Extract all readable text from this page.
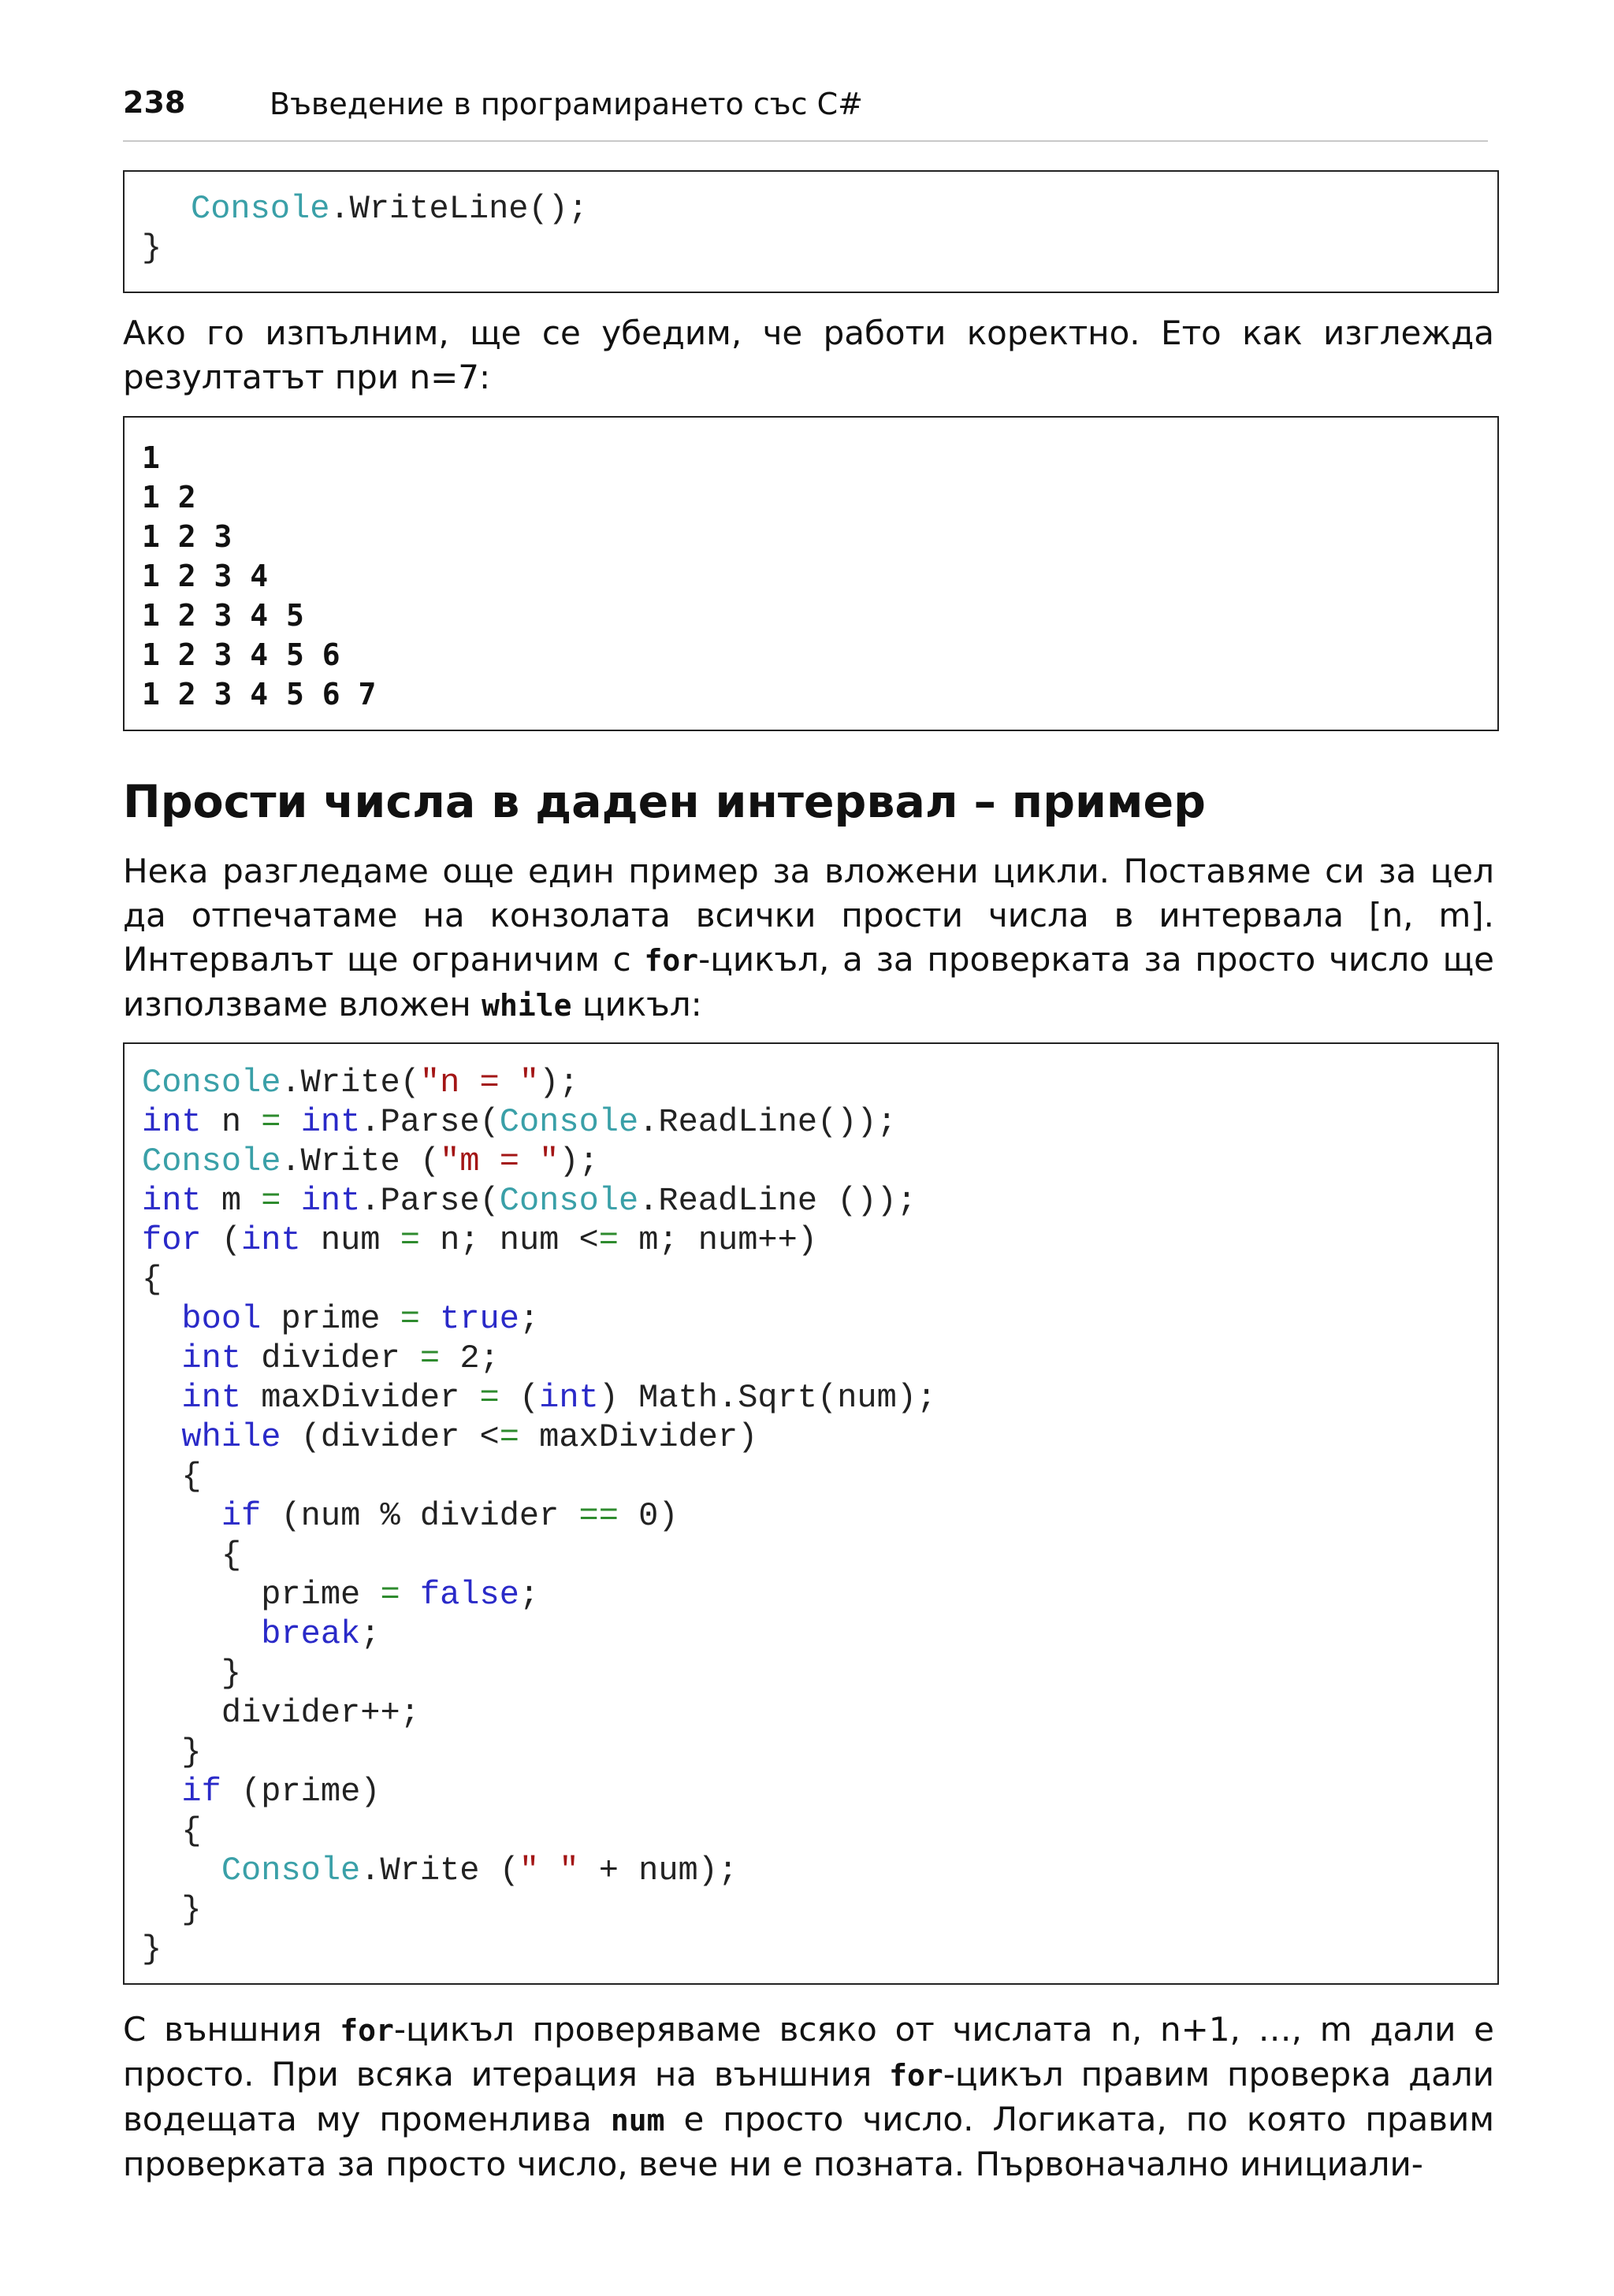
238	Въведение в програмирането със C#
Console.WriteLine();
}

Ако го изпълним, ще се убедим, че работи коректно. Ето как изглежда резултатът при n=7:

1
1 2
1 2 3
1 2 3 4
1 2 3 4 5
1 2 3 4 5 6
1 2 3 4 5 6 7
Прости числа в даден интервал – пример

Нека разгледаме още един пример за вложени цикли. Поставяме си за цел да отпечатаме на конзолата всички прости числа в интервала [n, m]. Интервалът ще ограничим с for-цикъл, а за проверката за просто число ще използваме вложен while цикъл:

Console.Write("n = ");
int n = int.Parse(Console.ReadLine());
Console.Write ("m = ");
int m = int.Parse(Console.ReadLine ());
for (int num = n; num <= m; num++)
{
bool prime = true;
int divider = 2;
int maxDivider = (int) Math.Sqrt(num);
while (divider <= maxDivider)
{
if (num % divider == 0)
{
prime = false;
break;
}
divider++;
}
if (prime)
{
Console.Write (" " + num);
}
}

С външния for-цикъл проверяваме всяко от числата n, n+1, …, m дали е просто. При всяка итерация на външния for-цикъл правим проверка дали водещата му променлива num е просто число. Логиката, по която правим проверката за просто число, вече ни е позната. Първоначално инициали-
